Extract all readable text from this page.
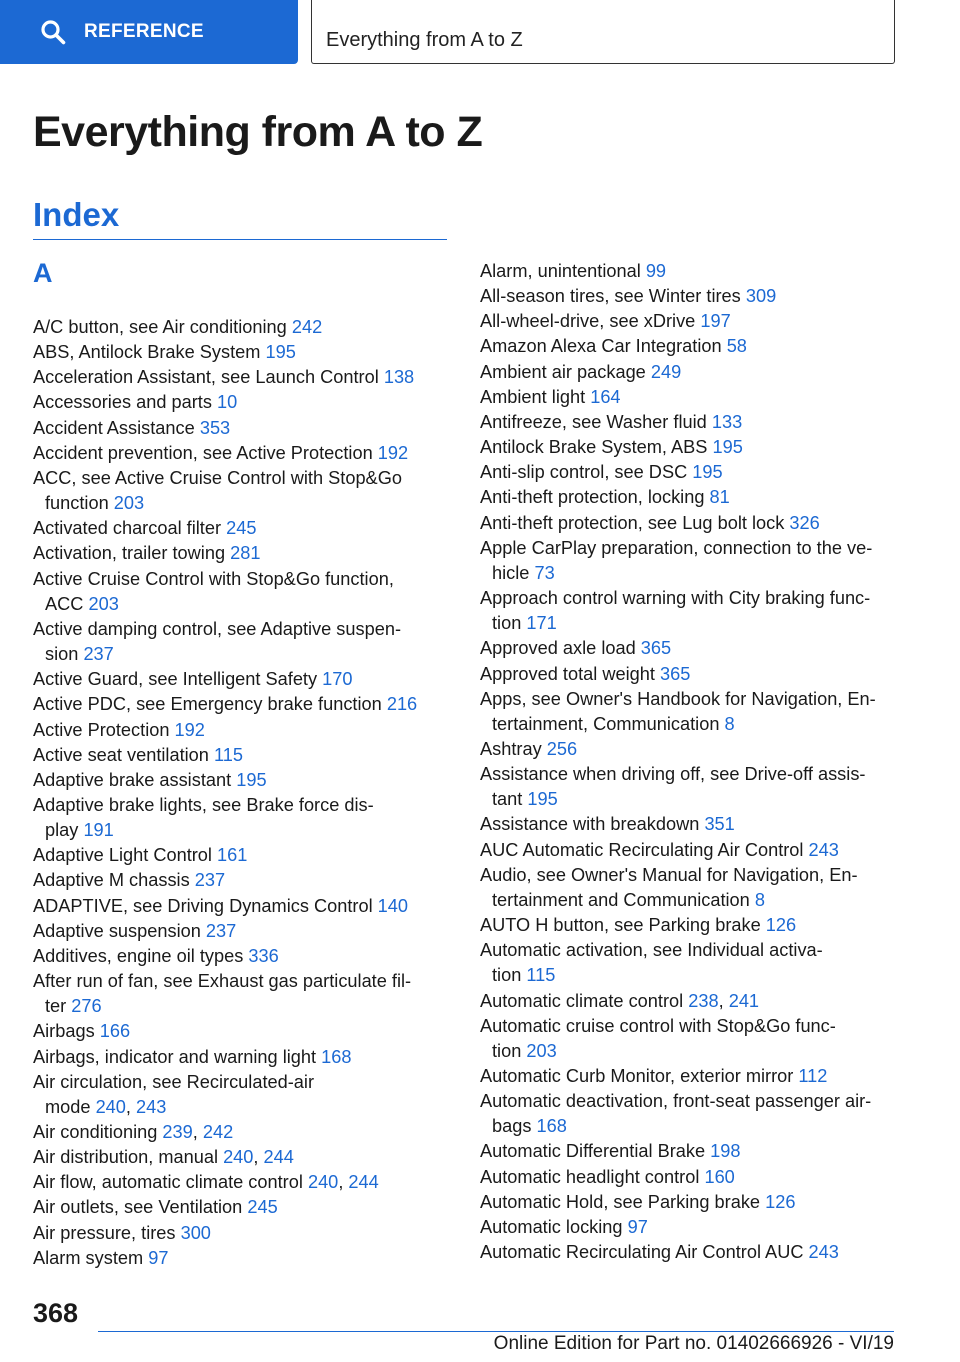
REFERENCE	Everything from A to Z
Everything from A to Z
Index
A
A/C button, see Air conditioning 242
ABS, Antilock Brake System 195
Acceleration Assistant, see Launch Control 138
Accessories and parts 10
Accident Assistance 353
Accident prevention, see Active Protection 192
ACC, see Active Cruise Control with Stop&Go
function 203
Activated charcoal filter 245
Activation, trailer towing 281
Active Cruise Control with Stop&Go function,
ACC 203
Active damping control, see Adaptive suspen‐
sion 237
Active Guard, see Intelligent Safety 170
Active PDC, see Emergency brake function 216
Active Protection 192
Active seat ventilation 115
Adaptive brake assistant 195
Adaptive brake lights, see Brake force dis‐
play 191
Adaptive Light Control 161
Adaptive M chassis 237
ADAPTIVE, see Driving Dynamics Control 140
Adaptive suspension 237
Additives, engine oil types 336
After run of fan, see Exhaust gas particulate fil‐
ter 276
Airbags 166
Airbags, indicator and warning light 168
Air circulation, see Recirculated-air
mode 240, 243
Air conditioning 239, 242
Air distribution, manual 240, 244
Air flow, automatic climate control 240, 244
Air outlets, see Ventilation 245
Air pressure, tires 300
Alarm system 97
Alarm, unintentional 99
All-season tires, see Winter tires 309
All-wheel-drive, see xDrive 197
Amazon Alexa Car Integration 58
Ambient air package 249
Ambient light 164
Antifreeze, see Washer fluid 133
Antilock Brake System, ABS 195
Anti-slip control, see DSC 195
Anti-theft protection, locking 81
Anti-theft protection, see Lug bolt lock 326
Apple CarPlay preparation, connection to the ve‐
hicle 73
Approach control warning with City braking func‐
tion 171
Approved axle load 365
Approved total weight 365
Apps, see Owner's Handbook for Navigation, En‐
tertainment, Communication 8
Ashtray 256
Assistance when driving off, see Drive-off assis‐
tant 195
Assistance with breakdown 351
AUC Automatic Recirculating Air Control 243
Audio, see Owner's Manual for Navigation, En‐
tertainment and Communication 8
AUTO H button, see Parking brake 126
Automatic activation, see Individual activa‐
tion 115
Automatic climate control 238, 241
Automatic cruise control with Stop&Go func‐
tion 203
Automatic Curb Monitor, exterior mirror 112
Automatic deactivation, front-seat passenger air‐
bags 168
Automatic Differential Brake 198
Automatic headlight control 160
Automatic Hold, see Parking brake 126
Automatic locking 97
Automatic Recirculating Air Control AUC 243
368
Online Edition for Part no. 01402666926 - VI/19
